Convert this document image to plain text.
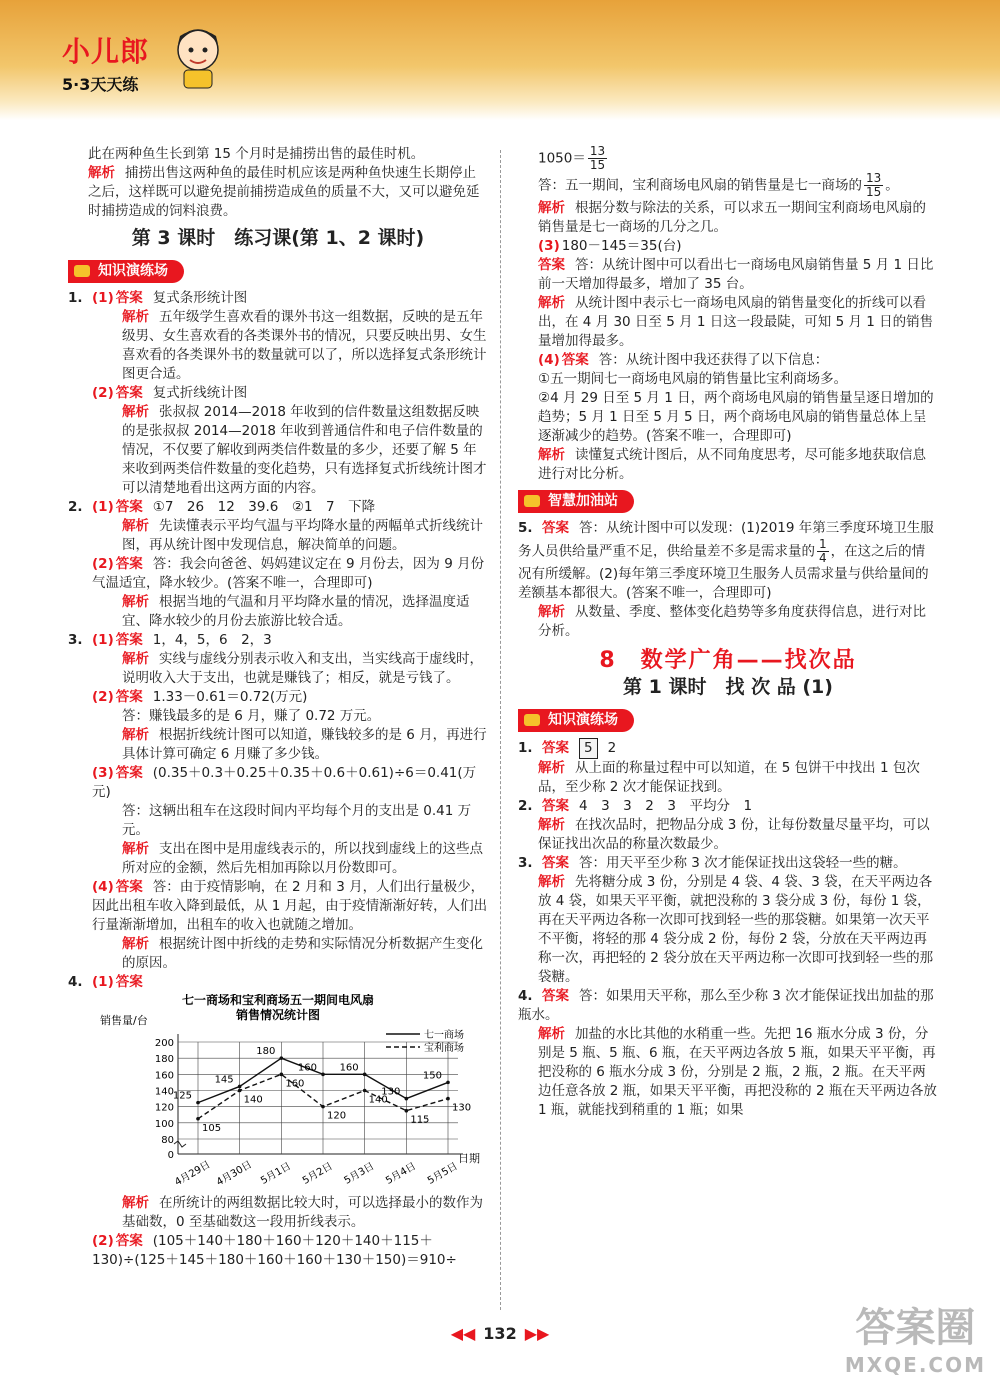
小儿郎
5·3天天练

此在两种鱼生长到第 15 个月时是捕捞出售的最佳时机。

解析 捕捞出售这两种鱼的最佳时机应该是两种鱼快速生长期停止之后，这样既可以避免提前捕捞造成鱼的质量不大，又可以避免延时捕捞造成的饲料浪费。

第 3 课时　练习课(第 1、2 课时)
知识演练场

1. (1) 答案 复式条形统计图

解析 五年级学生喜欢看的课外书这一组数据，反映的是五年级男、女生喜欢看的各类课外书的情况，只要反映出男、女生喜欢看的各类课外书的数量就可以了，所以选择复式条形统计图更合适。

(2) 答案 复式折线统计图

解析 张叔叔 2014—2018 年收到的信件数量这组数据反映的是张叔叔 2014—2018 年收到普通信件和电子信件数量的情况，不仅要了解收到两类信件数量的多少，还要了解 5 年来收到两类信件数量的变化趋势，只有选择复式折线统计图才可以清楚地看出这两方面的内容。

2. (1) 答案 ①7　26　12　39.6　②1　7　下降

解析 先读懂表示平均气温与平均降水量的两幅单式折线统计图，再从统计图中发现信息，解决简单的问题。

(2) 答案 答：我会向爸爸、妈妈建议定在 9 月份去，因为 9 月份气温适宜，降水较少。(答案不唯一，合理即可)

解析 根据当地的气温和月平均降水量的情况，选择温度适宜、降水较少的月份去旅游比较合适。

3. (1) 答案 1，4，5，6　2，3

解析 实线与虚线分别表示收入和支出，当实线高于虚线时，说明收入大于支出，也就是赚钱了；相反，就是亏钱了。

(2) 答案 1.33－0.61＝0.72(万元)

答：赚钱最多的是 6 月，赚了 0.72 万元。

解析 根据折线统计图可以知道，赚钱较多的是 6 月，再进行具体计算可确定 6 月赚了多少钱。

(3) 答案 (0.35＋0.3＋0.25＋0.35＋0.6＋0.61)÷6＝0.41(万元)

答：这辆出租车在这段时间内平均每个月的支出是 0.41 万元。

解析 支出在图中是用虚线表示的，所以找到虚线上的这些点所对应的金额，然后先相加再除以月份数即可。

(4) 答案 答：由于疫情影响，在 2 月和 3 月，人们出行量极少，因此出租车收入降到最低，从 1 月起，由于疫情渐渐好转，人们出行量渐渐增加，出租车的收入也就随之增加。

解析 根据统计图中折线的走势和实际情况分析数据产生变化的原因。

4. (1) 答案

七一商场和宝利商场五一期间电风扇
销售情况统计图
销售量/台
日期
0
80
100
120
140
160
180
200
4月29日 4月30日 5月1日 5月2日 5月3日 5月4日 5月5日
125
145
180
160 160
130
150
105
140
160
120
140
115
130
七一商场
宝利商场

解析 在所统计的两组数据比较大时，可以选择最小的数作为基础数，0 至基础数这一段用折线表示。

(2) 答案 (105＋140＋180＋160＋120＋140＋115＋130)÷(125＋145＋180＋160＋160＋130＋150)＝910÷

$1050= \frac{13}{15}$

答：五一期间，宝利商场电风扇的销售量是七一商场的 $\frac{13}{15}$ 。

解析 根据分数与除法的关系，可以求五一期间宝利商场电风扇的销售量是七一商场的几分之几。

(3) 180－145＝35(台)

答案 答：从统计图中可以看出七一商场电风扇销售量 5 月 1 日比前一天增加得最多，增加了 35 台。

解析 从统计图中表示七一商场电风扇的销售量变化的折线可以看出，在 4 月 30 日至 5 月 1 日这一段最陡，可知 5 月 1 日的销售量增加得最多。

(4) 答案 答：从统计图中我还获得了以下信息：

①五一期间七一商场电风扇的销售量比宝利商场多。

②4 月 29 日至 5 月 1 日，两个商场电风扇的销售量呈逐日增加的趋势；5 月 1 日至 5 月 5 日，两个商场电风扇的销售量总体上呈逐渐减少的趋势。(答案不唯一，合理即可)

解析 读懂复式统计图后，从不同角度思考，尽可能多地获取信息进行对比分析。

智慧加油站

5. 答案 答：从统计图中可以发现：(1)2019 年第三季度环境卫生服务人员供给量严重不足，供给量差不多是需求量的 $\frac{1}{4}$ ，在这之后的情况有所缓解。(2)每年第三季度环境卫生服务人员需求量与供给量间的差额基本都很大。(答案不唯一，合理即可)

解析 从数量、季度、整体变化趋势等多角度获得信息，进行对比分析。

8　数学广角——找次品
第 1 课时　找 次 品 (1)
知识演练场

1. 答案 5 2

解析 从上面的称量过程中可以知道，在 5 包饼干中找出 1 包次品，至少称 2 次才能保证找到。

2. 答案 4　3　3　2　3　平均分　1

解析 在找次品时，把物品分成 3 份，让每份数量尽量平均，可以保证找出次品的称量次数最少。

3. 答案 答：用天平至少称 3 次才能保证找出这袋轻一些的糖。

解析 先将糖分成 3 份，分别是 4 袋、4 袋、3 袋，在天平两边各放 4 袋，如果天平平衡，就把没称的 3 袋分成 3 份，每份 1 袋，再在天平两边各称一次即可找到轻一些的那袋糖。如果第一次天平不平衡，将轻的那 4 袋分成 2 份，每份 2 袋，分放在天平两边再称一次，再把轻的 2 袋分放在天平两边称一次即可找到轻一些的那袋糖。

4. 答案 答：如果用天平称，那么至少称 3 次才能保证找出加盐的那瓶水。

解析 加盐的水比其他的水稍重一些。先把 16 瓶水分成 3 份，分别是 5 瓶、5 瓶、6 瓶，在天平两边各放 5 瓶，如果天平平衡，再把没称的 6 瓶水分成 3 份，分别是 2 瓶，2 瓶，2 瓶。在天平两边任意各放 2 瓶，如果天平平衡，再把没称的 2 瓶在天平两边各放 1 瓶，就能找到稍重的 1 瓶；如果

◀◀ 132 ▶▶	答案圈
MXQE.COM
